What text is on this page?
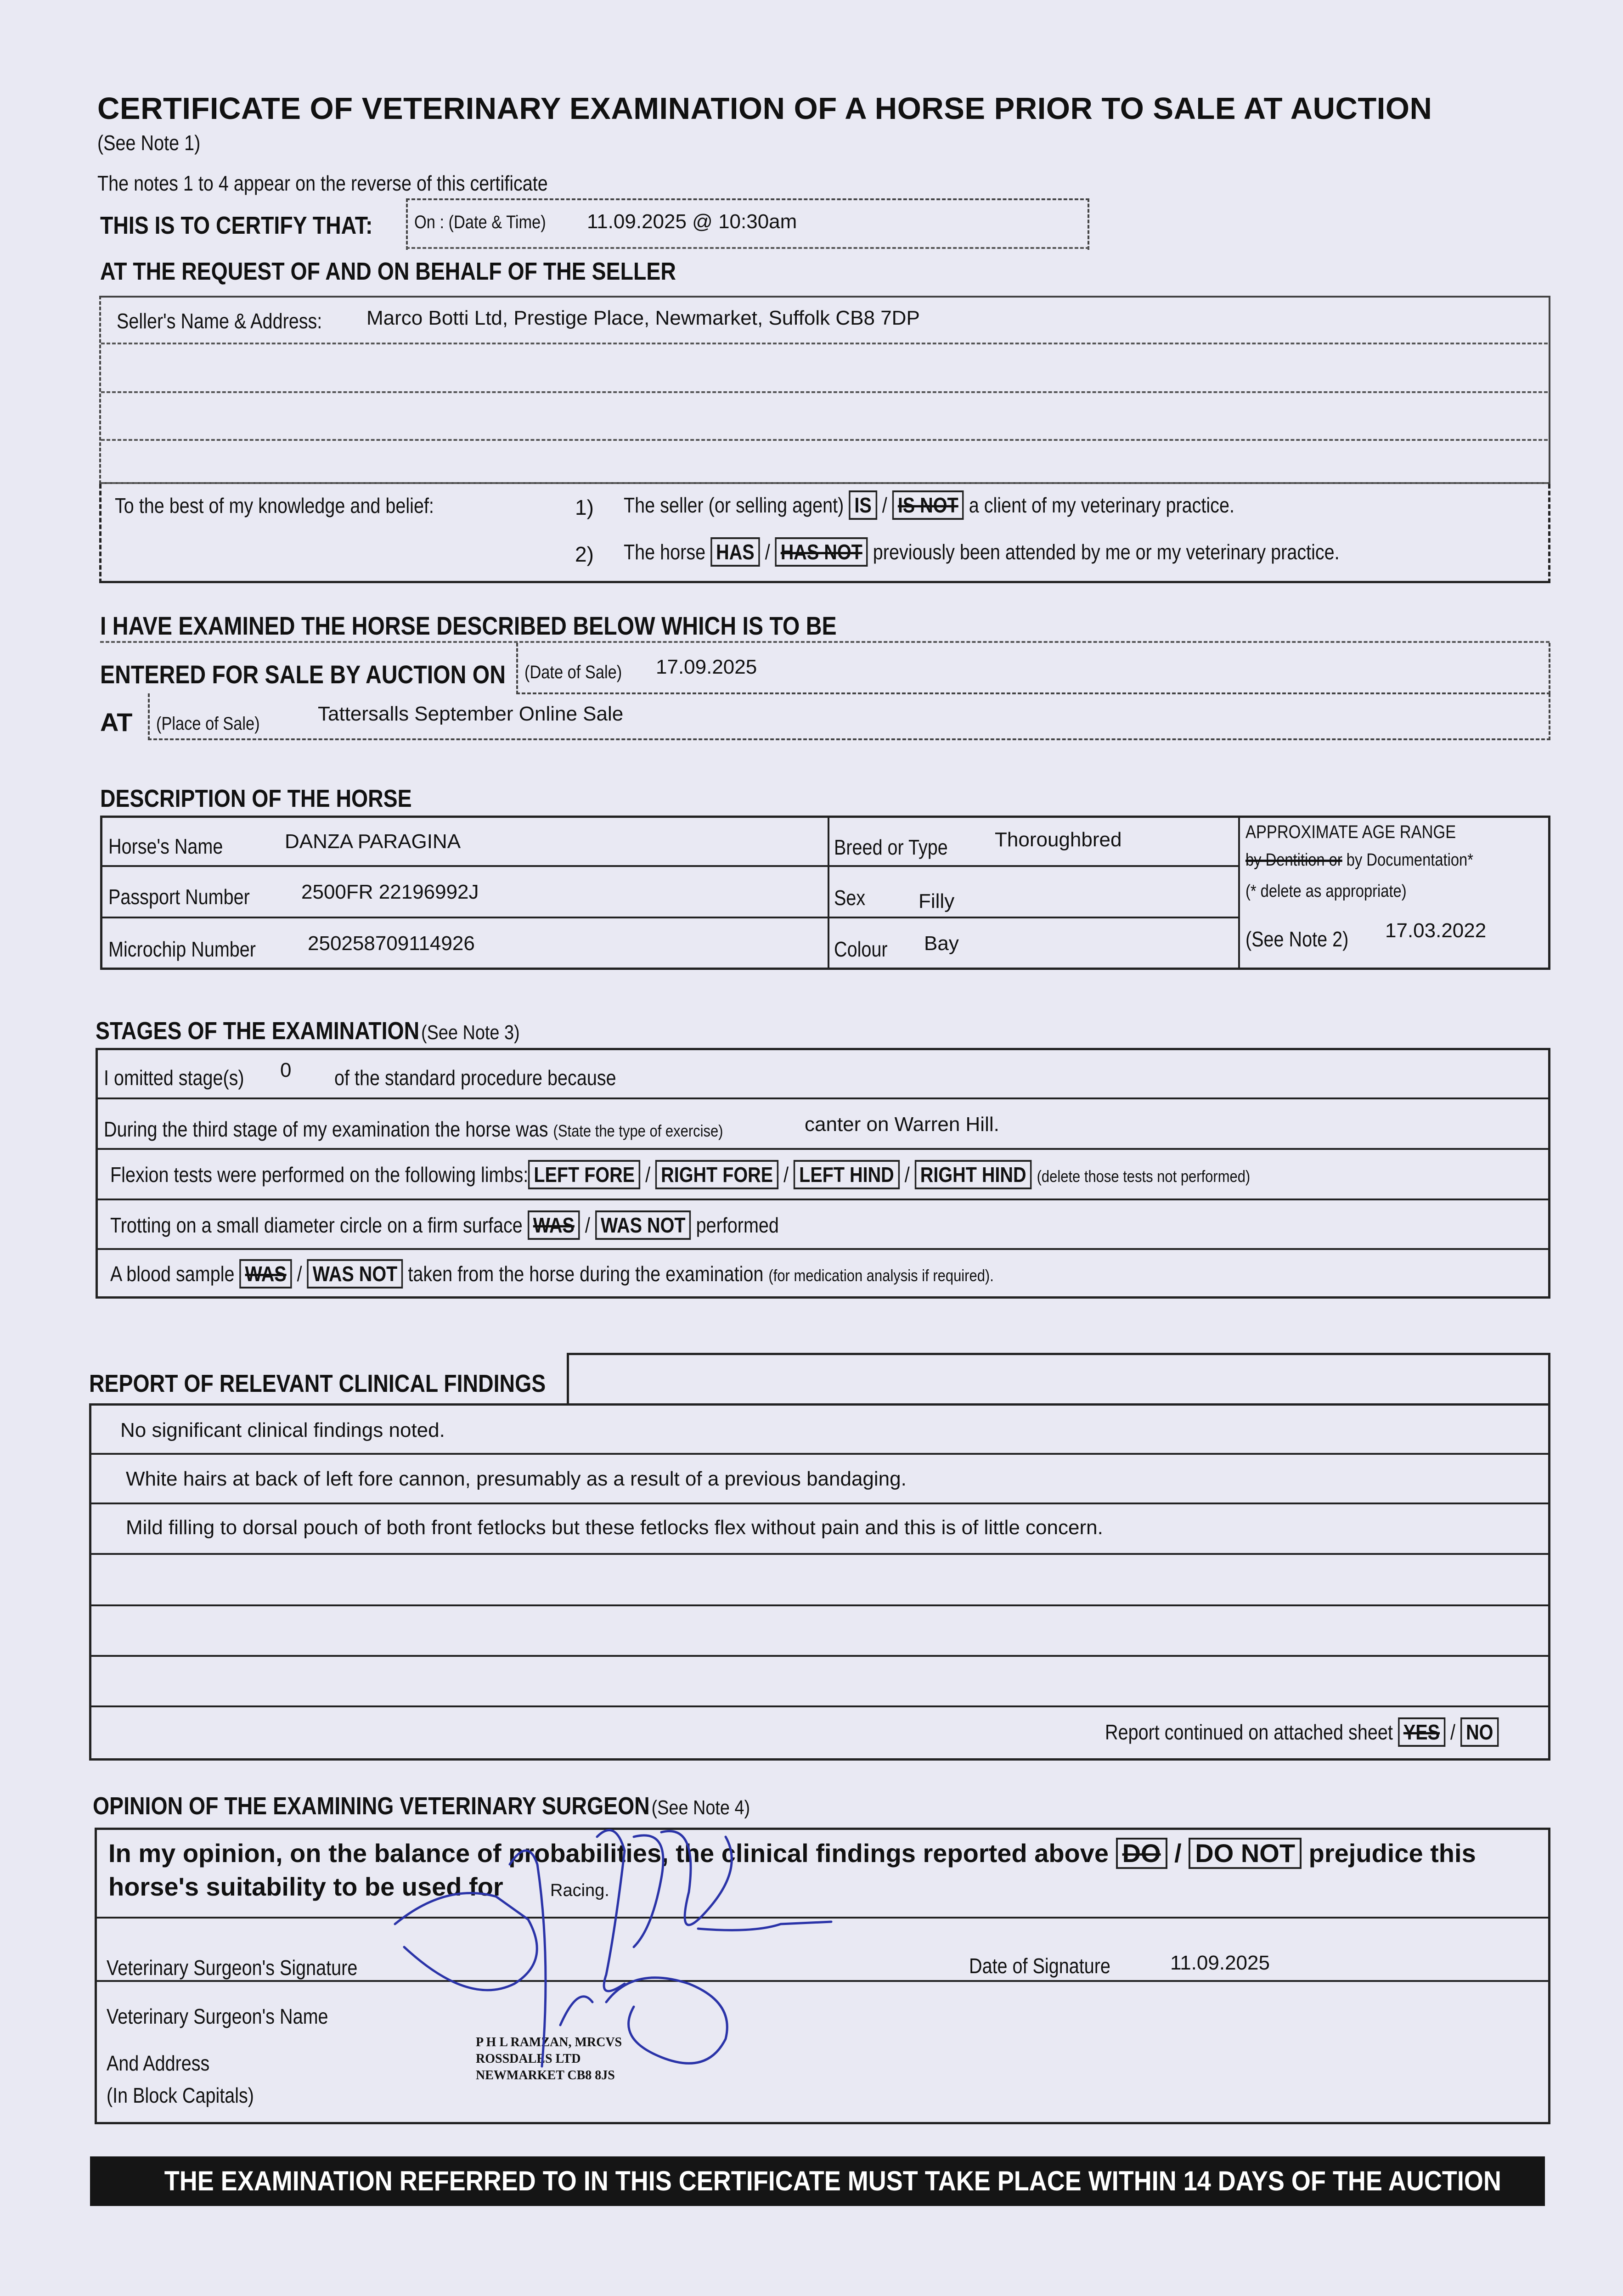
CERTIFICATE OF VETERINARY EXAMINATION OF A HORSE PRIOR TO SALE AT AUCTION
(See Note 1)
The notes 1 to 4 appear on the reverse of this certificate
THIS IS TO CERTIFY THAT:	On : (Date & Time)	11.09.2025 @ 10:30am
AT THE REQUEST OF AND ON BEHALF OF THE SELLER
Seller's Name & Address:	Marco Botti Ltd, Prestige Place, Newmarket, Suffolk CB8 7DP
To the best of my knowledge and belief:	1) The seller (or selling agent) IS / IS NOT a client of my veterinary practice.
2) The horse HAS / HAS NOT previously been attended by me or my veterinary practice.
I HAVE EXAMINED THE HORSE DESCRIBED BELOW WHICH IS TO BE
ENTERED FOR SALE BY AUCTION ON	(Date of Sale)	17.09.2025
AT (Place of Sale)	Tattersalls September Online Sale
DESCRIPTION OF THE HORSE
Horse's Name	DANZA PARAGINA
Passport Number	2500FR 22196992J
Microchip Number	250258709114926
Breed or Type	Thoroughbred
Sex	Filly
Colour	Bay
APPROXIMATE AGE RANGE
by Dentition or by Documentation*
(* delete as appropriate)
(See Note 2)	17.03.2022
STAGES OF THE EXAMINATION (See Note 3)
I omitted stage(s)	0 of the standard procedure because
During the third stage of my examination the horse was (State the type of exercise)	canter on Warren Hill.
Flexion tests were performed on the following limbs: LEFT FORE / RIGHT FORE / LEFT HIND / RIGHT HIND (delete those tests not performed)
Trotting on a small diameter circle on a firm surface WAS / WAS NOT performed
A blood sample WAS / WAS NOT taken from the horse during the examination (for medication analysis if required).
REPORT OF RELEVANT CLINICAL FINDINGS
No significant clinical findings noted.
White hairs at back of left fore cannon, presumably as a result of a previous bandaging.
Mild filling to dorsal pouch of both front fetlocks but these fetlocks flex without pain and this is of little concern.
Report continued on attached sheet YES / NO
OPINION OF THE EXAMINING VETERINARY SURGEON (See Note 4)
In my opinion, on the balance of probabilities, the clinical findings reported above DO / DO NOT prejudice this
horse's suitability to be used for	Racing.
Veterinary Surgeon's Signature	Date of Signature	11.09.2025
Veterinary Surgeon's Name
And Address
(In Block Capitals)
P H L RAMZAN, MRCVS
ROSSDALES LTD
NEWMARKET CB8 8JS
THE EXAMINATION REFERRED TO IN THIS CERTIFICATE MUST TAKE PLACE WITHIN 14 DAYS OF THE AUCTION
